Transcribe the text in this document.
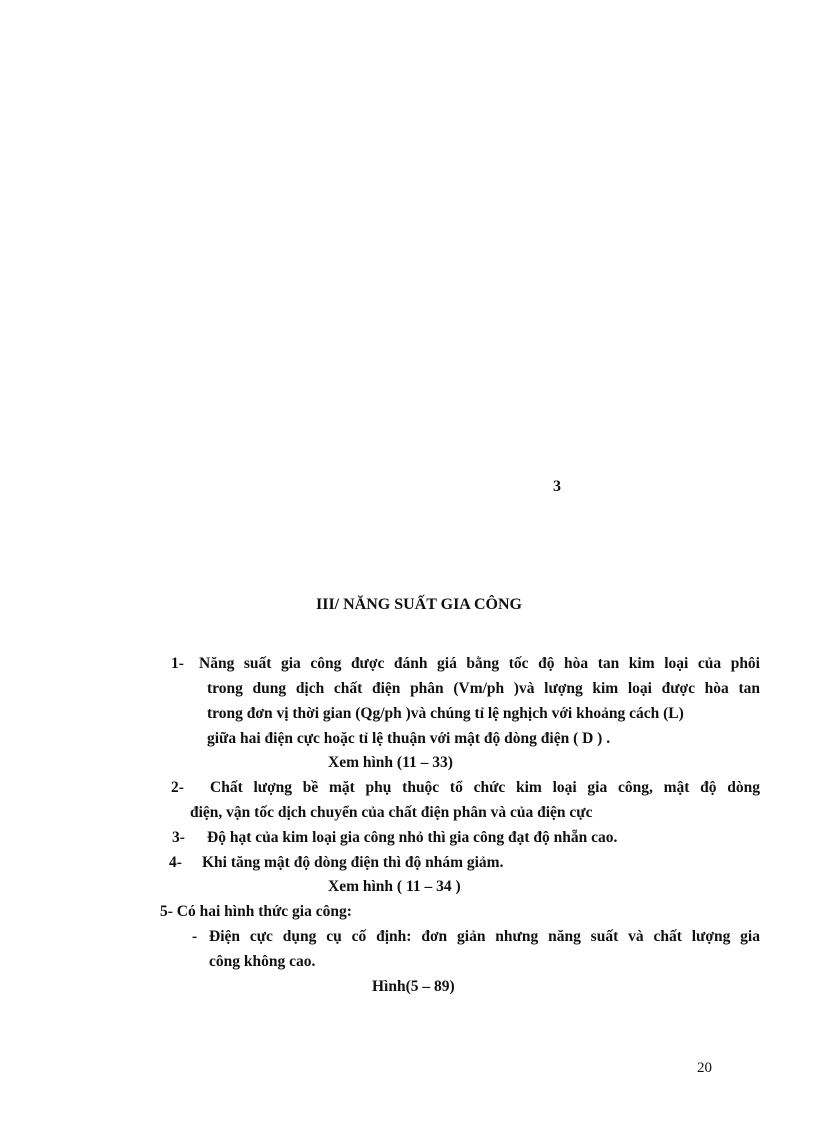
3
III/ NĂNG SUẤT GIA CÔNG
1- Năng suất gia công được đánh giá bằng tốc độ hòa tan kim loại của phôi
trong dung dịch chất điện phân (Vm/ph )và lượng kim loại được hòa tan
trong đơn vị thời gian (Qg/ph )và chúng tỉ lệ nghịch với khoảng cách (L)
giữa hai điện cực hoặc tỉ lệ thuận với mật độ dòng điện ( D ) .
Xem hình (11 – 33)
2- Chất lượng bề mặt phụ thuộc tổ chức kim loại gia công, mật độ dòng
điện, vận tốc dịch chuyển của chất điện phân và của điện cực
3- Độ hạt của kim loại gia công nhỏ thì gia công đạt độ nhẵn cao.
4- Khi tăng mật độ dòng điện thì độ nhám giảm.
Xem hình ( 11 – 34 )
5- Có hai hình thức gia công:
- Điện cực dụng cụ cố định: đơn giản nhưng năng suất và chất lượng gia
công không cao.
Hình(5 – 89)
20
